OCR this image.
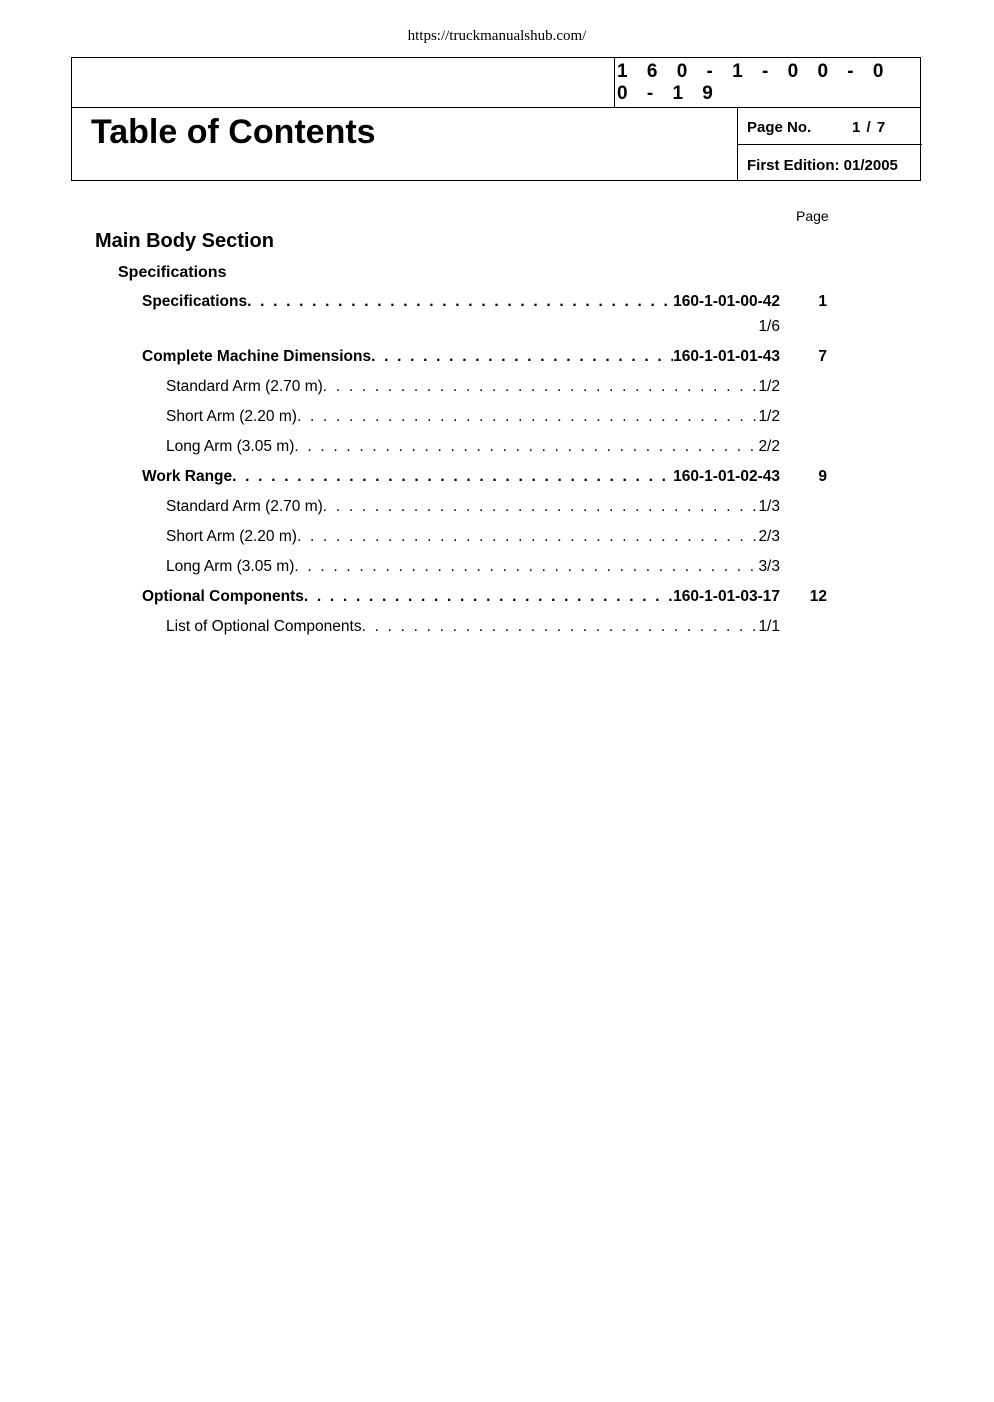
https://truckmanualshub.com/
1 6 0 - 1 - 0 0 - 0 0 - 1 9
Table of Contents	Page No.	1 / 7
First Edition: 01/2005
Page
Main Body Section
Specifications
Specifications . . .	160-1-01-00-42	1
1/6
Complete Machine Dimensions . . .	160-1-01-01-43	7
Standard Arm (2.70 m) . . .	1/2
Short Arm (2.20 m) . . .	1/2
Long Arm (3.05 m) . . .	2/2
Work Range . . .	160-1-01-02-43	9
Standard Arm (2.70 m) . . .	1/3
Short Arm (2.20 m) . . .	2/3
Long Arm (3.05 m) . . .	3/3
Optional Components . . .	160-1-01-03-17	12
List of Optional Components . . .	1/1
